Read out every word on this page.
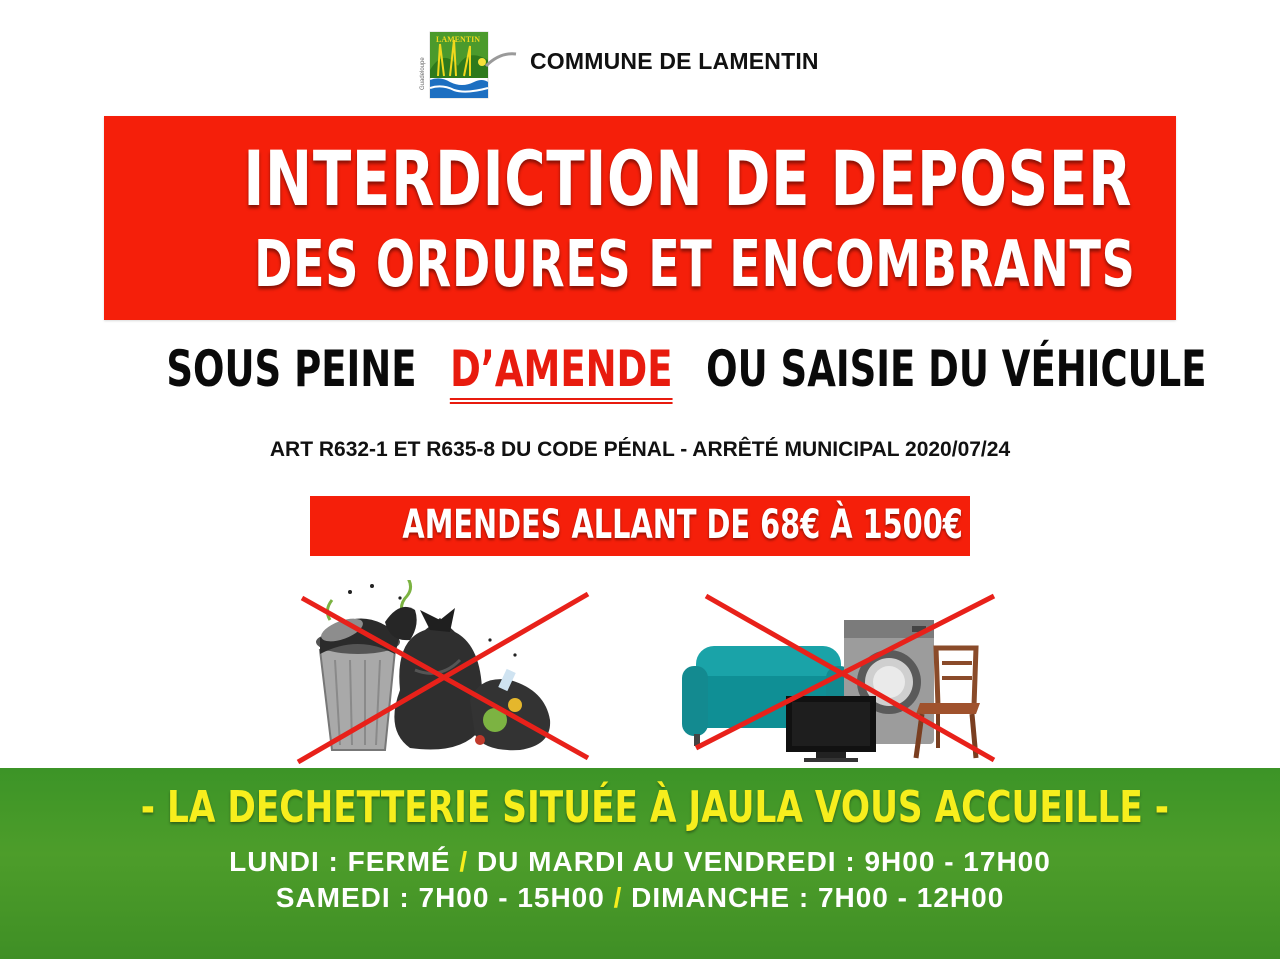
Guadeloupe
LAMENTIN
COMMUNE DE LAMENTIN
INTERDICTION DE DEPOSER
DES ORDURES ET ENCOMBRANTS
SOUS PEINE D’AMENDE OU SAISIE DU VÉHICULE
ART R632-1 ET R635-8 DU CODE PÉNAL - ARRÊTÉ MUNICIPAL 2020/07/24
AMENDES ALLANT DE 68€ À 1500€
- LA DECHETTERIE SITUÉE À JAULA VOUS ACCUEILLE -
LUNDI : FERMÉ / DU MARDI AU VENDREDI : 9H00 - 17H00
SAMEDI : 7H00 - 15H00 / DIMANCHE : 7H00 - 12H00
